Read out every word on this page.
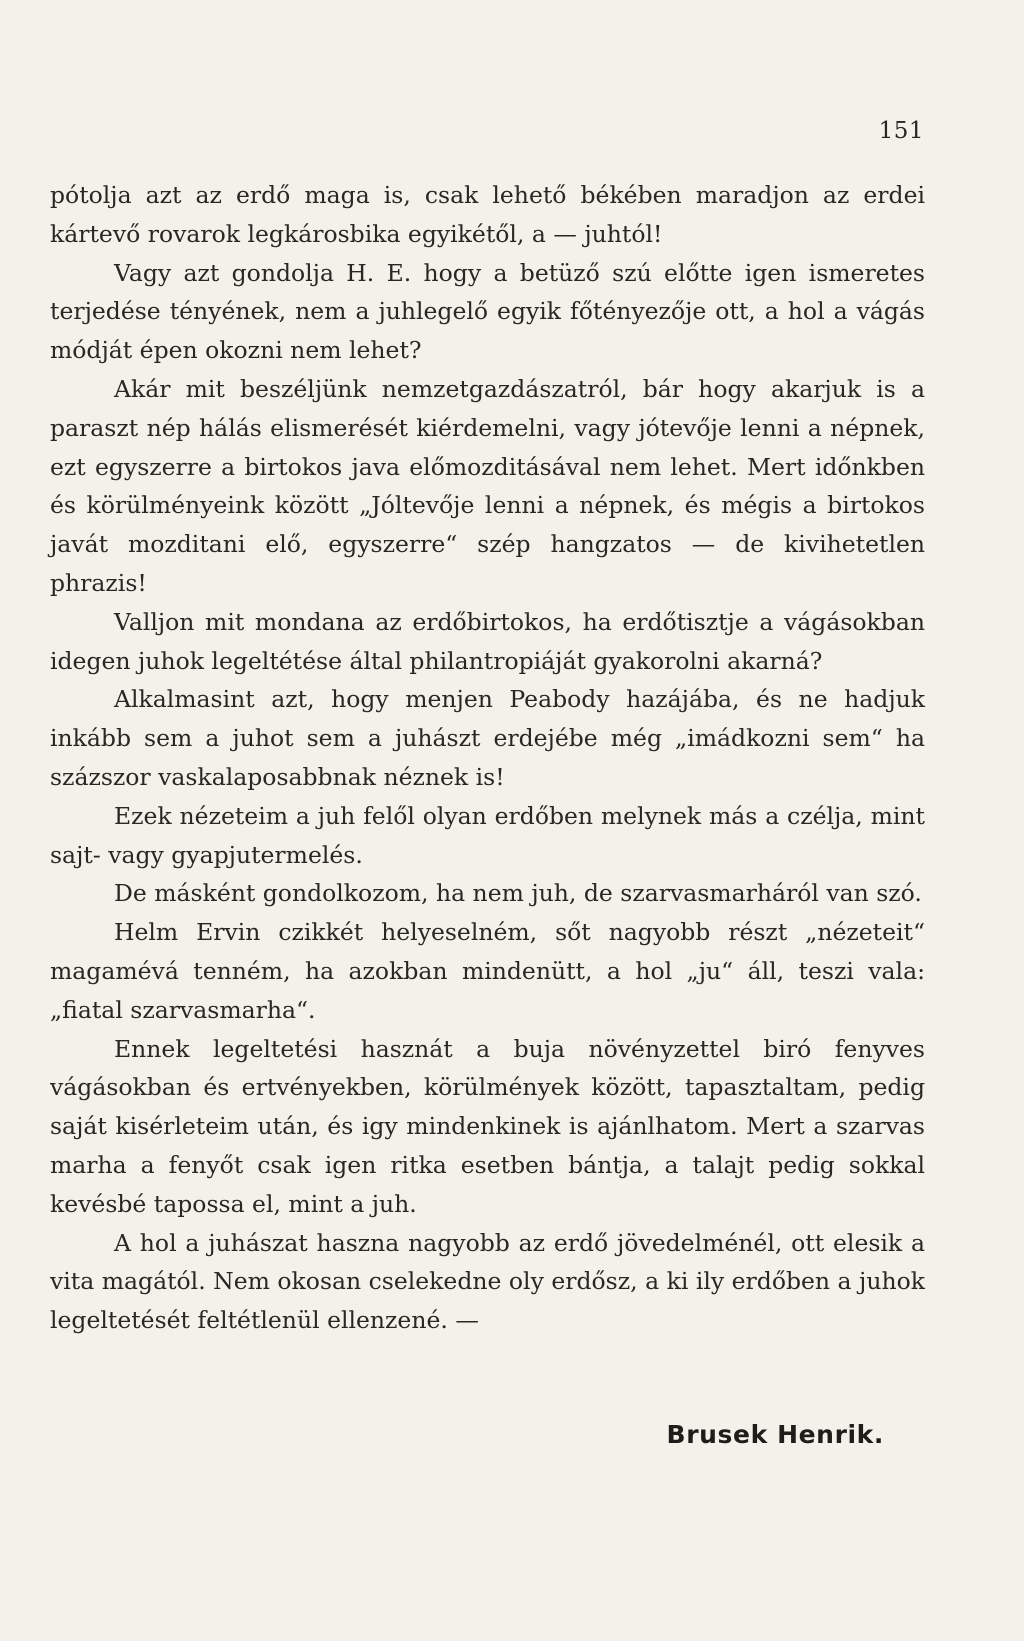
151

pótolja azt az erdő maga is, csak lehető békében maradjon az erdei kártevő rovarok legkárosbika egyikétől, a — juhtól!

Vagy azt gondolja H. E. hogy a betüző szú előtte igen ismeretes terjedése tényének, nem a juhlegelő egyik főtényezője ott, a hol a vágás módját épen okozni nem lehet?

Akár mit beszéljünk nemzetgazdászatról, bár hogy akarjuk is a paraszt nép hálás elismerését kiérdemelni, vagy jótevője lenni a népnek, ezt egyszerre a birtokos java előmozditásával nem lehet. Mert időnkben és körülményeink között „Jóltevője lenni a népnek, és mégis a birtokos javát mozditani elő, egyszerre“ szép hangzatos — de kivihetetlen phrazis!

Valljon mit mondana az erdőbirtokos, ha erdőtisztje a vágásokban idegen juhok legeltétése által philantropiáját gyakorolni akarná?

Alkalmasint azt, hogy menjen Peabody hazájába, és ne hadjuk inkább sem a juhot sem a juhászt erdejébe még „imádkozni sem“ ha százszor vaskalaposabbnak néznek is!

Ezek nézeteim a juh felől olyan erdőben melynek más a czélja, mint sajt- vagy gyapjutermelés.

De másként gondolkozom, ha nem juh, de szarvasmarháról van szó.

Helm Ervin czikkét helyeselném, sőt nagyobb részt „nézeteit“ magamévá tenném, ha azokban mindenütt, a hol „ju“ áll, teszi vala: „fiatal szarvasmarha“.

Ennek legeltetési hasznát a buja növényzettel biró fenyves vágásokban és ertvényekben, körülmények között, tapasztaltam, pedig saját kisérleteim után, és igy mindenkinek is ajánlhatom. Mert a szarvas marha a fenyőt csak igen ritka esetben bántja, a talajt pedig sokkal kevésbé tapossa el, mint a juh.

A hol a juhászat haszna nagyobb az erdő jövedelménél, ott elesik a vita magától. Nem okosan cselekedne oly erdősz, a ki ily erdőben a juhok legeltetését feltétlenül ellenzené. —

Brusek Henrik.
